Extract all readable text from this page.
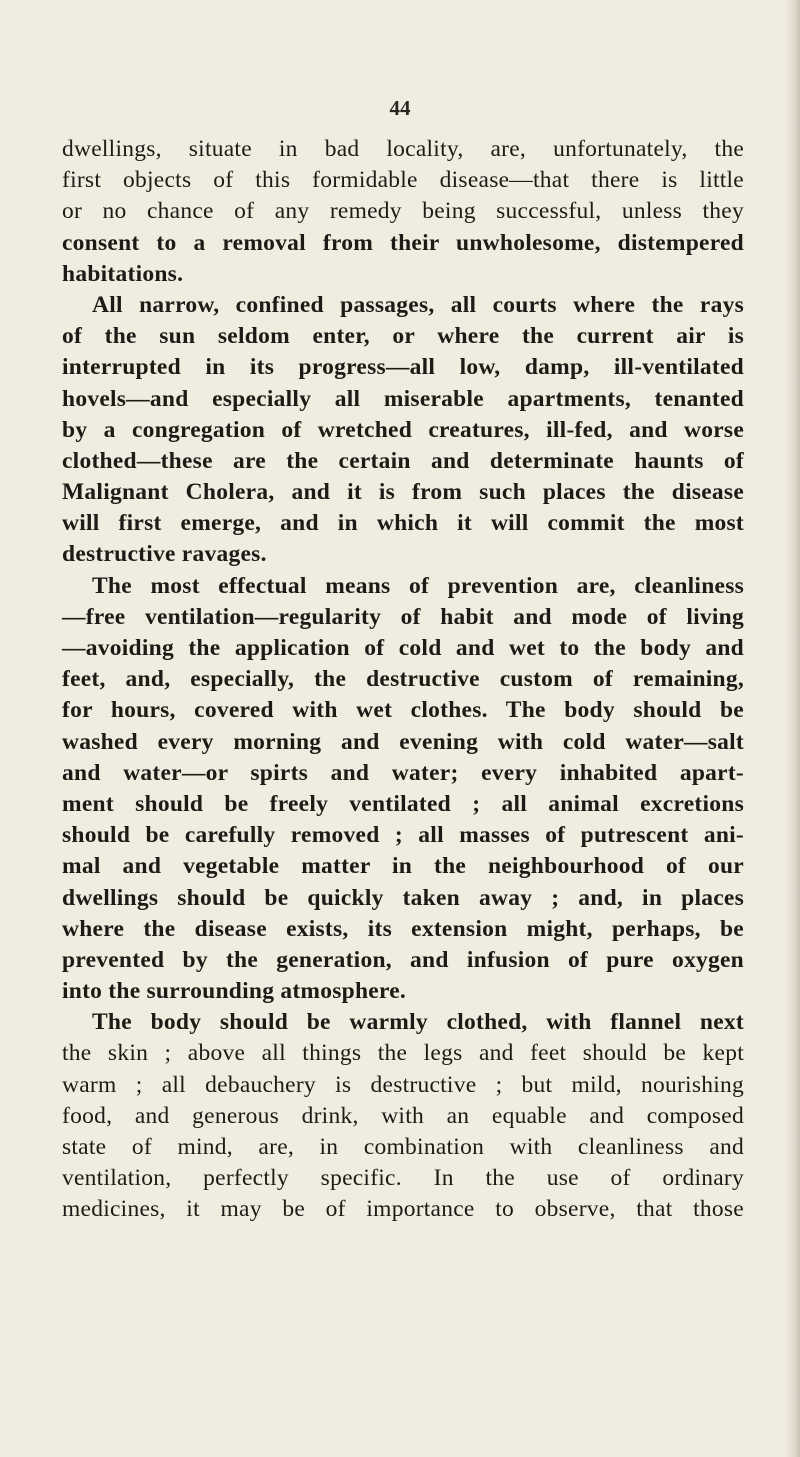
44
dwellings, situate in bad locality, are, unfortunately, the
first objects of this formidable disease—that there is little
or no chance of any remedy being successful, unless they
consent to a removal from their unwholesome, distempered
habitations.
All narrow, confined passages, all courts where the rays
of the sun seldom enter, or where the current air is
interrupted in its progress—all low, damp, ill-ventilated
hovels—and especially all miserable apartments, tenanted
by a congregation of wretched creatures, ill-fed, and worse
clothed—these are the certain and determinate haunts of
Malignant Cholera, and it is from such places the disease
will first emerge, and in which it will commit the most
destructive ravages.
The most effectual means of prevention are, cleanliness
—free ventilation—regularity of habit and mode of living
—avoiding the application of cold and wet to the body and
feet, and, especially, the destructive custom of remaining,
for hours, covered with wet clothes. The body should be
washed every morning and evening with cold water—salt
and water—or spirts and water; every inhabited apart-
ment should be freely ventilated ; all animal excretions
should be carefully removed ; all masses of putrescent ani-
mal and vegetable matter in the neighbourhood of our
dwellings should be quickly taken away ; and, in places
where the disease exists, its extension might, perhaps, be
prevented by the generation, and infusion of pure oxygen
into the surrounding atmosphere.
The body should be warmly clothed, with flannel next
the skin ; above all things the legs and feet should be kept
warm ; all debauchery is destructive ; but mild, nourishing
food, and generous drink, with an equable and composed
state of mind, are, in combination with cleanliness and
ventilation, perfectly specific. In the use of ordinary
medicines, it may be of importance to observe, that those
